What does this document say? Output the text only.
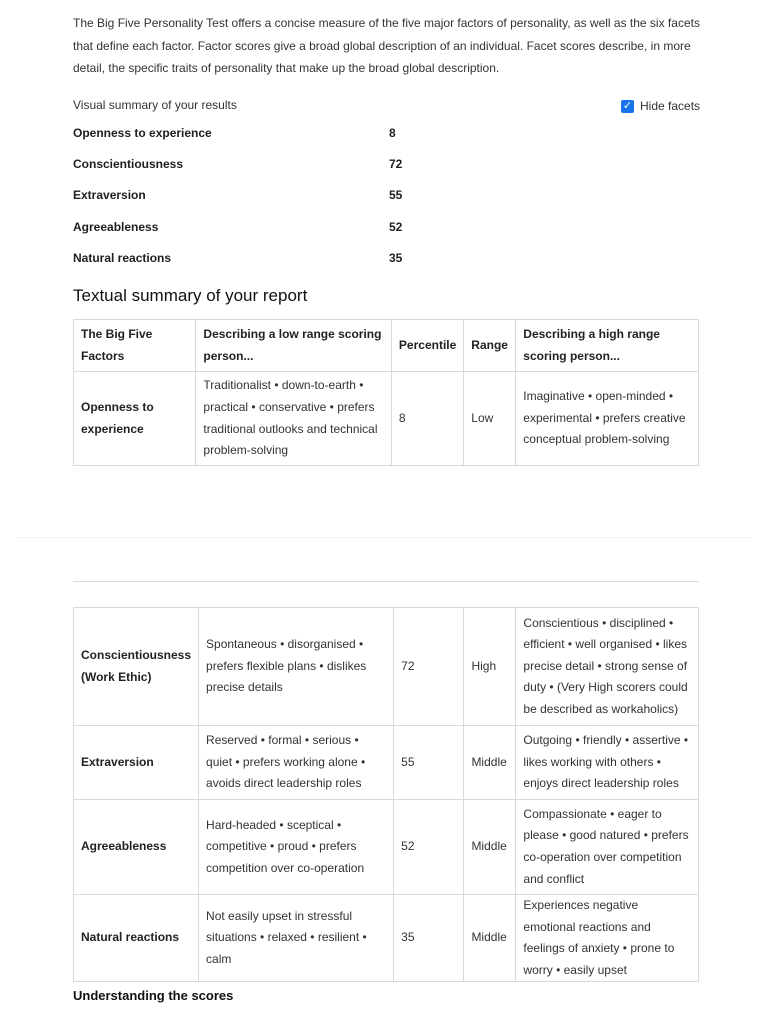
The Big Five Personality Test offers a concise measure of the five major factors of personality, as well as the six facets that define each factor. Factor scores give a broad global description of an individual. Facet scores describe, in more detail, the specific traits of personality that make up the broad global description.

Visual summary of your results	✓ Hide facets
Openness to experience	8
Conscientiousness	72
Extraversion	55
Agreeableness	52
Natural reactions	35
Textual summary of your report
The Big Five Factors	Describing a low range scoring person...	Percentile	Range	Describing a high range scoring person...
Openness to experience	Traditionalist • down-to-earth • practical • conservative • prefers traditional outlooks and technical problem-solving	8	Low	Imaginative • open-minded • experimental • prefers creative conceptual problem-solving
Conscientiousness (Work Ethic)	Spontaneous • disorganised • prefers flexible plans • dislikes precise details	72	High	Conscientious • disciplined • efficient • well organised • likes precise detail • strong sense of duty • (Very High scorers could be described as workaholics)
Extraversion	Reserved • formal • serious • quiet • prefers working alone • avoids direct leadership roles	55	Middle	Outgoing • friendly • assertive • likes working with others • enjoys direct leadership roles
Agreeableness	Hard-headed • sceptical • competitive • proud • prefers competition over co-operation	52	Middle	Compassionate • eager to please • good natured • prefers co-operation over competition and conflict
Natural reactions	Not easily upset in stressful situations • relaxed • resilient • calm	35	Middle	Experiences negative emotional reactions and feelings of anxiety • prone to worry • easily upset
Understanding the scores
